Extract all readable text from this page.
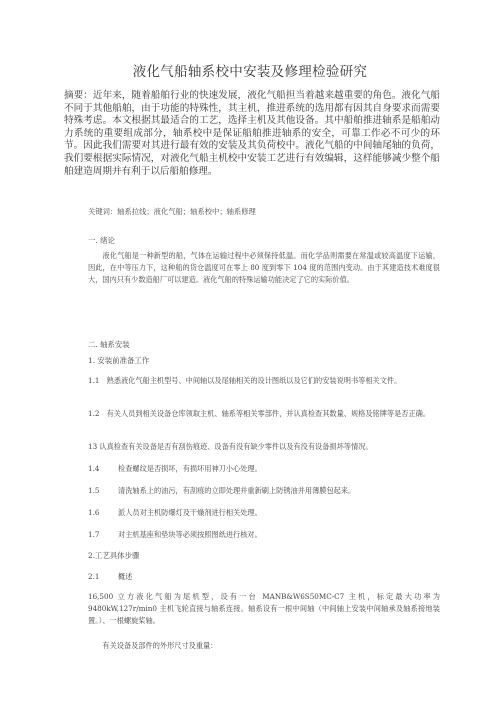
液化气船轴系校中安装及修理检验研究
摘要：近年来，随着船舶行业的快速发展，液化气船担当着越来越重要的角色。液化气船不同于其他船舶，由于功能的特殊性，其主机，推进系统的选用都有因其自身要求而需要特殊考虑。本文根据其最适合的工艺，选择主机及其他设备。其中船舶推进轴系是船舶动力系统的重要组成部分，轴系校中是保证船舶推进轴系的安全，可靠工作必不可少的环节。因此我们需要对其进行最有效的安装及其负荷校中。液化气船的中间轴尾轴的负荷，我们要根据实际情况，对液化气船主机校中安装工艺进行有效编辑，这样能够减少整个船舶建造周期并有利于以后船舶修理。
关键词：轴系拉线；液化气船；轴系校中；轴系修理
一. 绪论
液化气船是一种新型的船，气体在运输过程中必须保持低温。而化学品则需要在常温或较高温度下运输，因此，在中等压力下，这种船的货仓温度可在零上 80 度到零下 104 度的范围内变动。由于其建造技术难度很大，国内只有少数造船厂可以建造。液化气船的特殊运输功能决定了它的实际价值。
二. 轴系安装
1. 安装前准备工作
1.1　熟悉液化气船主机型号、中间轴以及尾轴相关的设计图纸以及它们的安装说明书等相关文件。
1.2　有关人员到相关设备仓库领取主机、轴系等相关零部件，并认真检查其数量、规格及铭牌等是否正确。
13 认真检查有关设备是否有刮伤痕迹、设备有没有缺少零件以及有没有设备损坏等情况。
1.4	检查螺纹是否损坏，有损坏用神刀小心处理。
1.5	清洗轴系上的油污，有刮痕的立即处理并重新刷上防锈油并用薄膜包起来。
1.6	派人员对主机防爆灯及干燥剂进行相关处理。
1.7	对主机基座和垫块等必须按照图纸进行核对。
2.工艺具体步骤
2.1	概述
16,500 立方液化气船为尾机型，设有一台 MANB&W6S50MC-C7 主机，标定最大功率为 9480kW,127r/min0 主机飞轮直接与轴系连接。轴系设有一根中间轴（中间轴上安装中间轴承及轴系接地装置。）、一根螺旋桨轴。
有关设备及部件的外形尺寸及重量：
